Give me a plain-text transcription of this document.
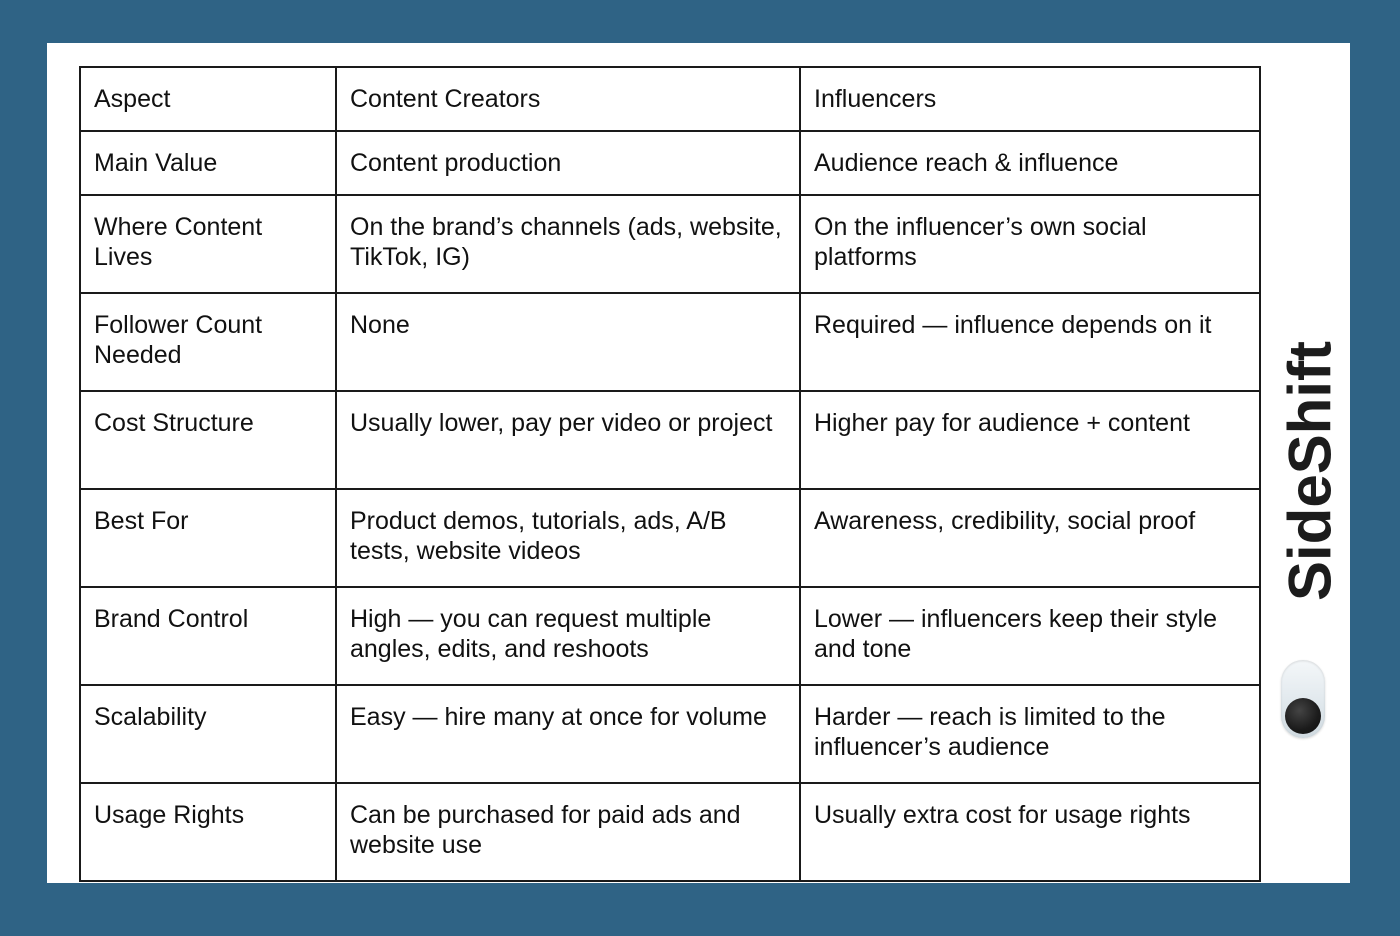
Aspect	Content Creators	Influencers
Main Value	Content production	Audience reach & influence
Where Content Lives	On the brand’s channels (ads, website, TikTok, IG)	On the influencer’s own social platforms
Follower Count Needed	None	Required — influence depends on it
Cost Structure	Usually lower, pay per video or project	Higher pay for audience + content
Best For	Product demos, tutorials, ads, A/B tests, website videos	Awareness, credibility, social proof
Brand Control	High — you can request multiple angles, edits, and reshoots	Lower — influencers keep their style and tone
Scalability	Easy — hire many at once for volume	Harder — reach is limited to the influencer’s audience
Usage Rights	Can be purchased for paid ads and website use	Usually extra cost for usage rights
SideShift
